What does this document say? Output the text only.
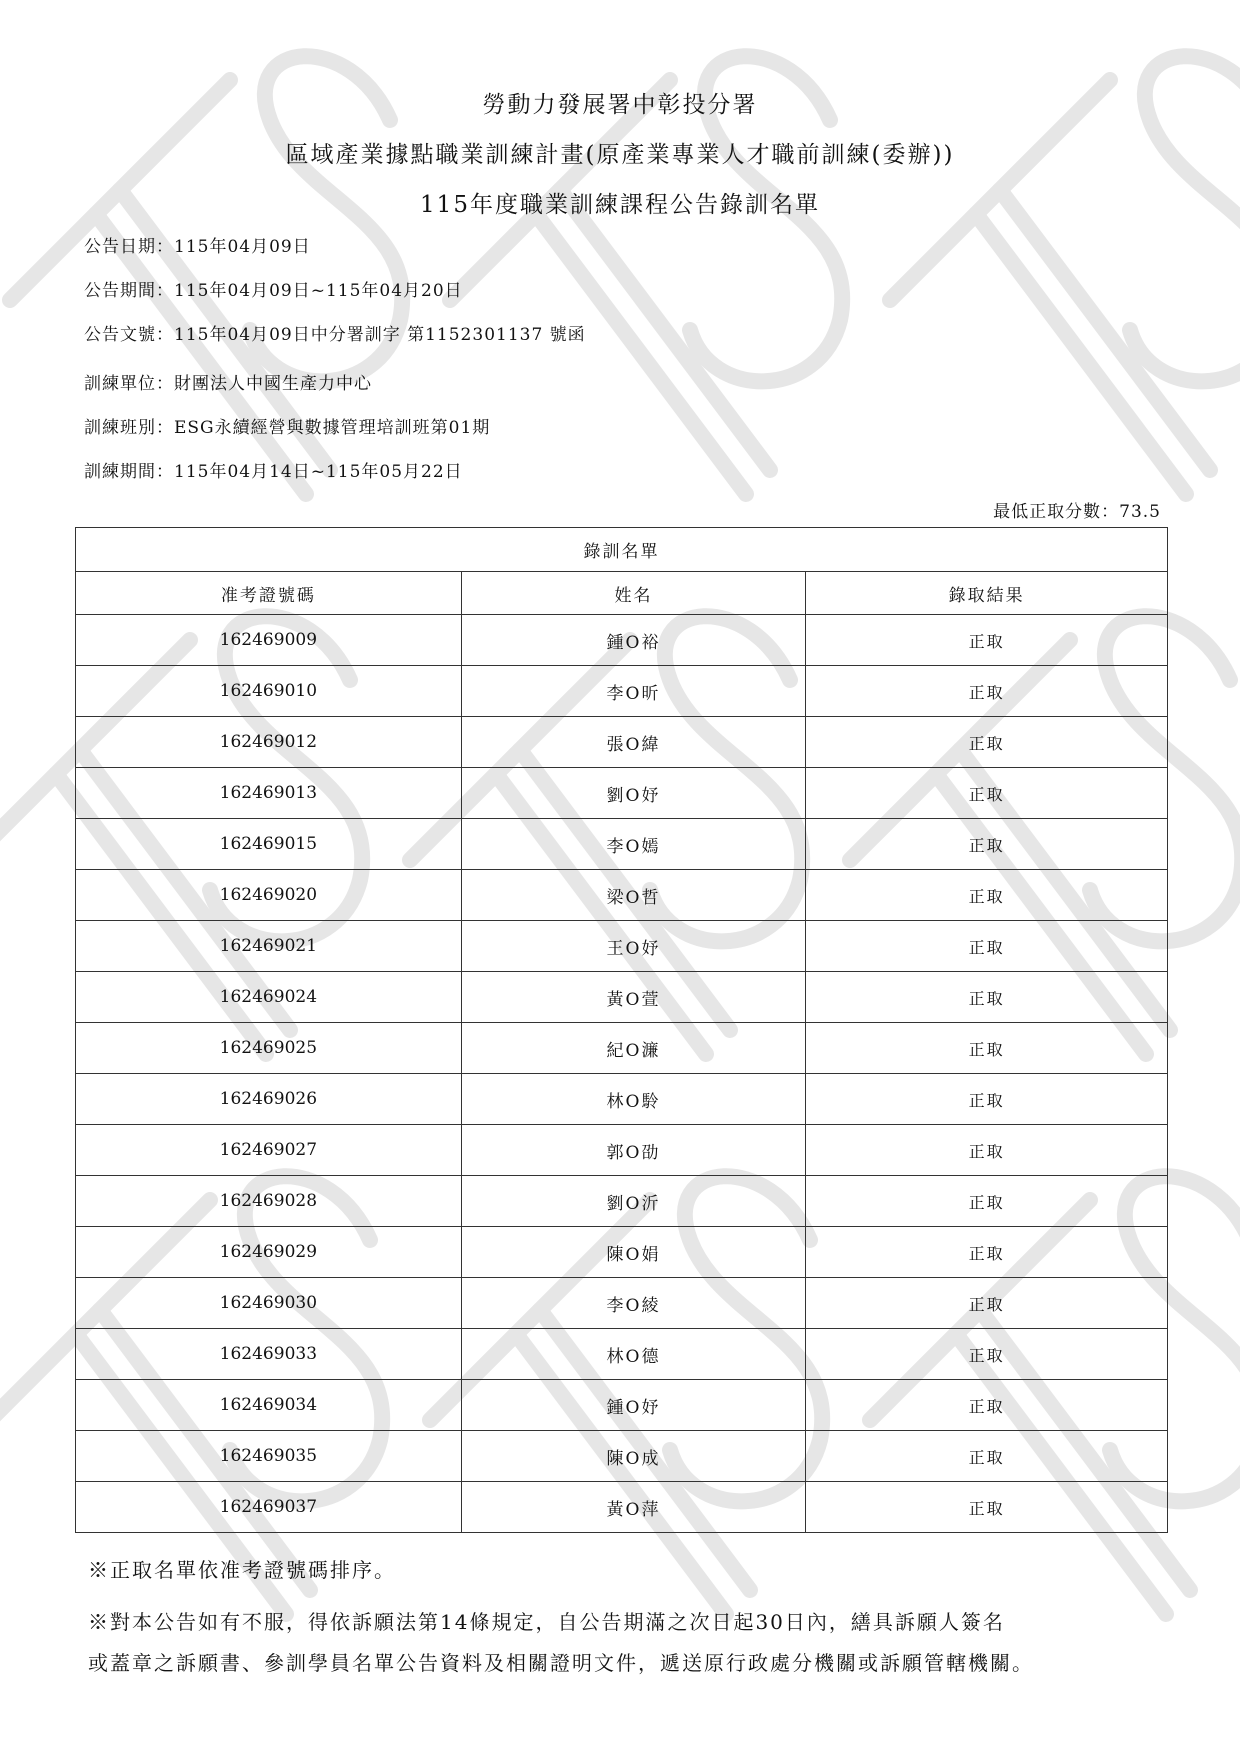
勞動力發展署中彰投分署
區域產業據點職業訓練計畫(原產業專業人才職前訓練(委辦))
115年度職業訓練課程公告錄訓名單
公告日期：115年04月09日
公告期間：115年04月09日~115年04月20日
公告文號：115年04月09日中分署訓字 第1152301137 號函
訓練單位：財團法人中國生產力中心
訓練班別：ESG永續經營與數據管理培訓班第01期
訓練期間：115年04月14日~115年05月22日
最低正取分數：73.5
錄訓名單		
准考證號碼	姓名	錄取結果
162469009	鍾O裕	正取
162469010	李O昕	正取
162469012	張O緯	正取
162469013	劉O妤	正取
162469015	李O嫣	正取
162469020	梁O哲	正取
162469021	王O妤	正取
162469024	黃O萱	正取
162469025	紀O濂	正取
162469026	林O駖	正取
162469027	郭O劭	正取
162469028	劉O沂	正取
162469029	陳O娟	正取
162469030	李O綾	正取
162469033	林O德	正取
162469034	鍾O妤	正取
162469035	陳O成	正取
162469037	黃O萍	正取
※正取名單依准考證號碼排序。
※對本公告如有不服，得依訴願法第14條規定，自公告期滿之次日起30日內，繕具訴願人簽名
或蓋章之訴願書、參訓學員名單公告資料及相關證明文件，遞送原行政處分機關或訴願管轄機關。
